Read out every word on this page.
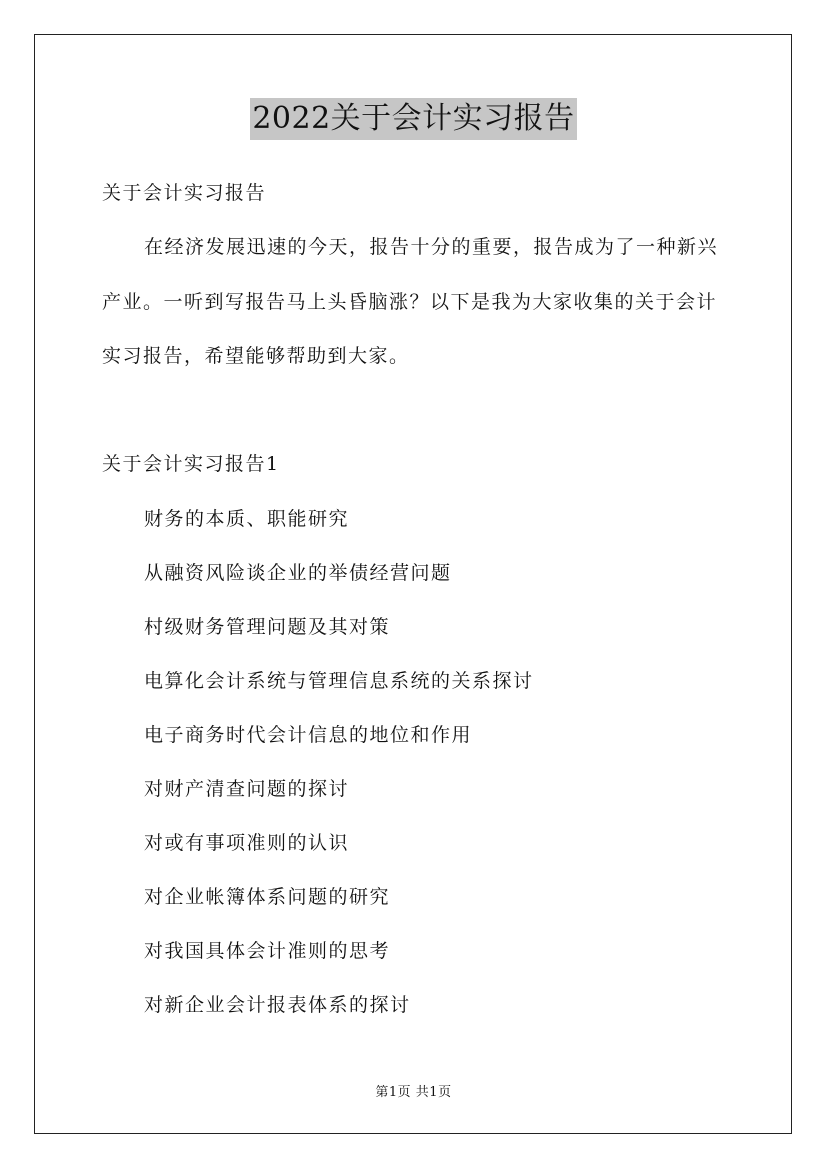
2022关于会计实习报告
关于会计实习报告
在经济发展迅速的今天，报告十分的重要，报告成为了一种新兴
产业。一听到写报告马上头昏脑涨？以下是我为大家收集的关于会计
实习报告，希望能够帮助到大家。
关于会计实习报告1
财务的本质、职能研究
从融资风险谈企业的举债经营问题
村级财务管理问题及其对策
电算化会计系统与管理信息系统的关系探讨
电子商务时代会计信息的地位和作用
对财产清查问题的探讨
对或有事项准则的认识
对企业帐簿体系问题的研究
对我国具体会计准则的思考
对新企业会计报表体系的探讨
第1页 共1页
